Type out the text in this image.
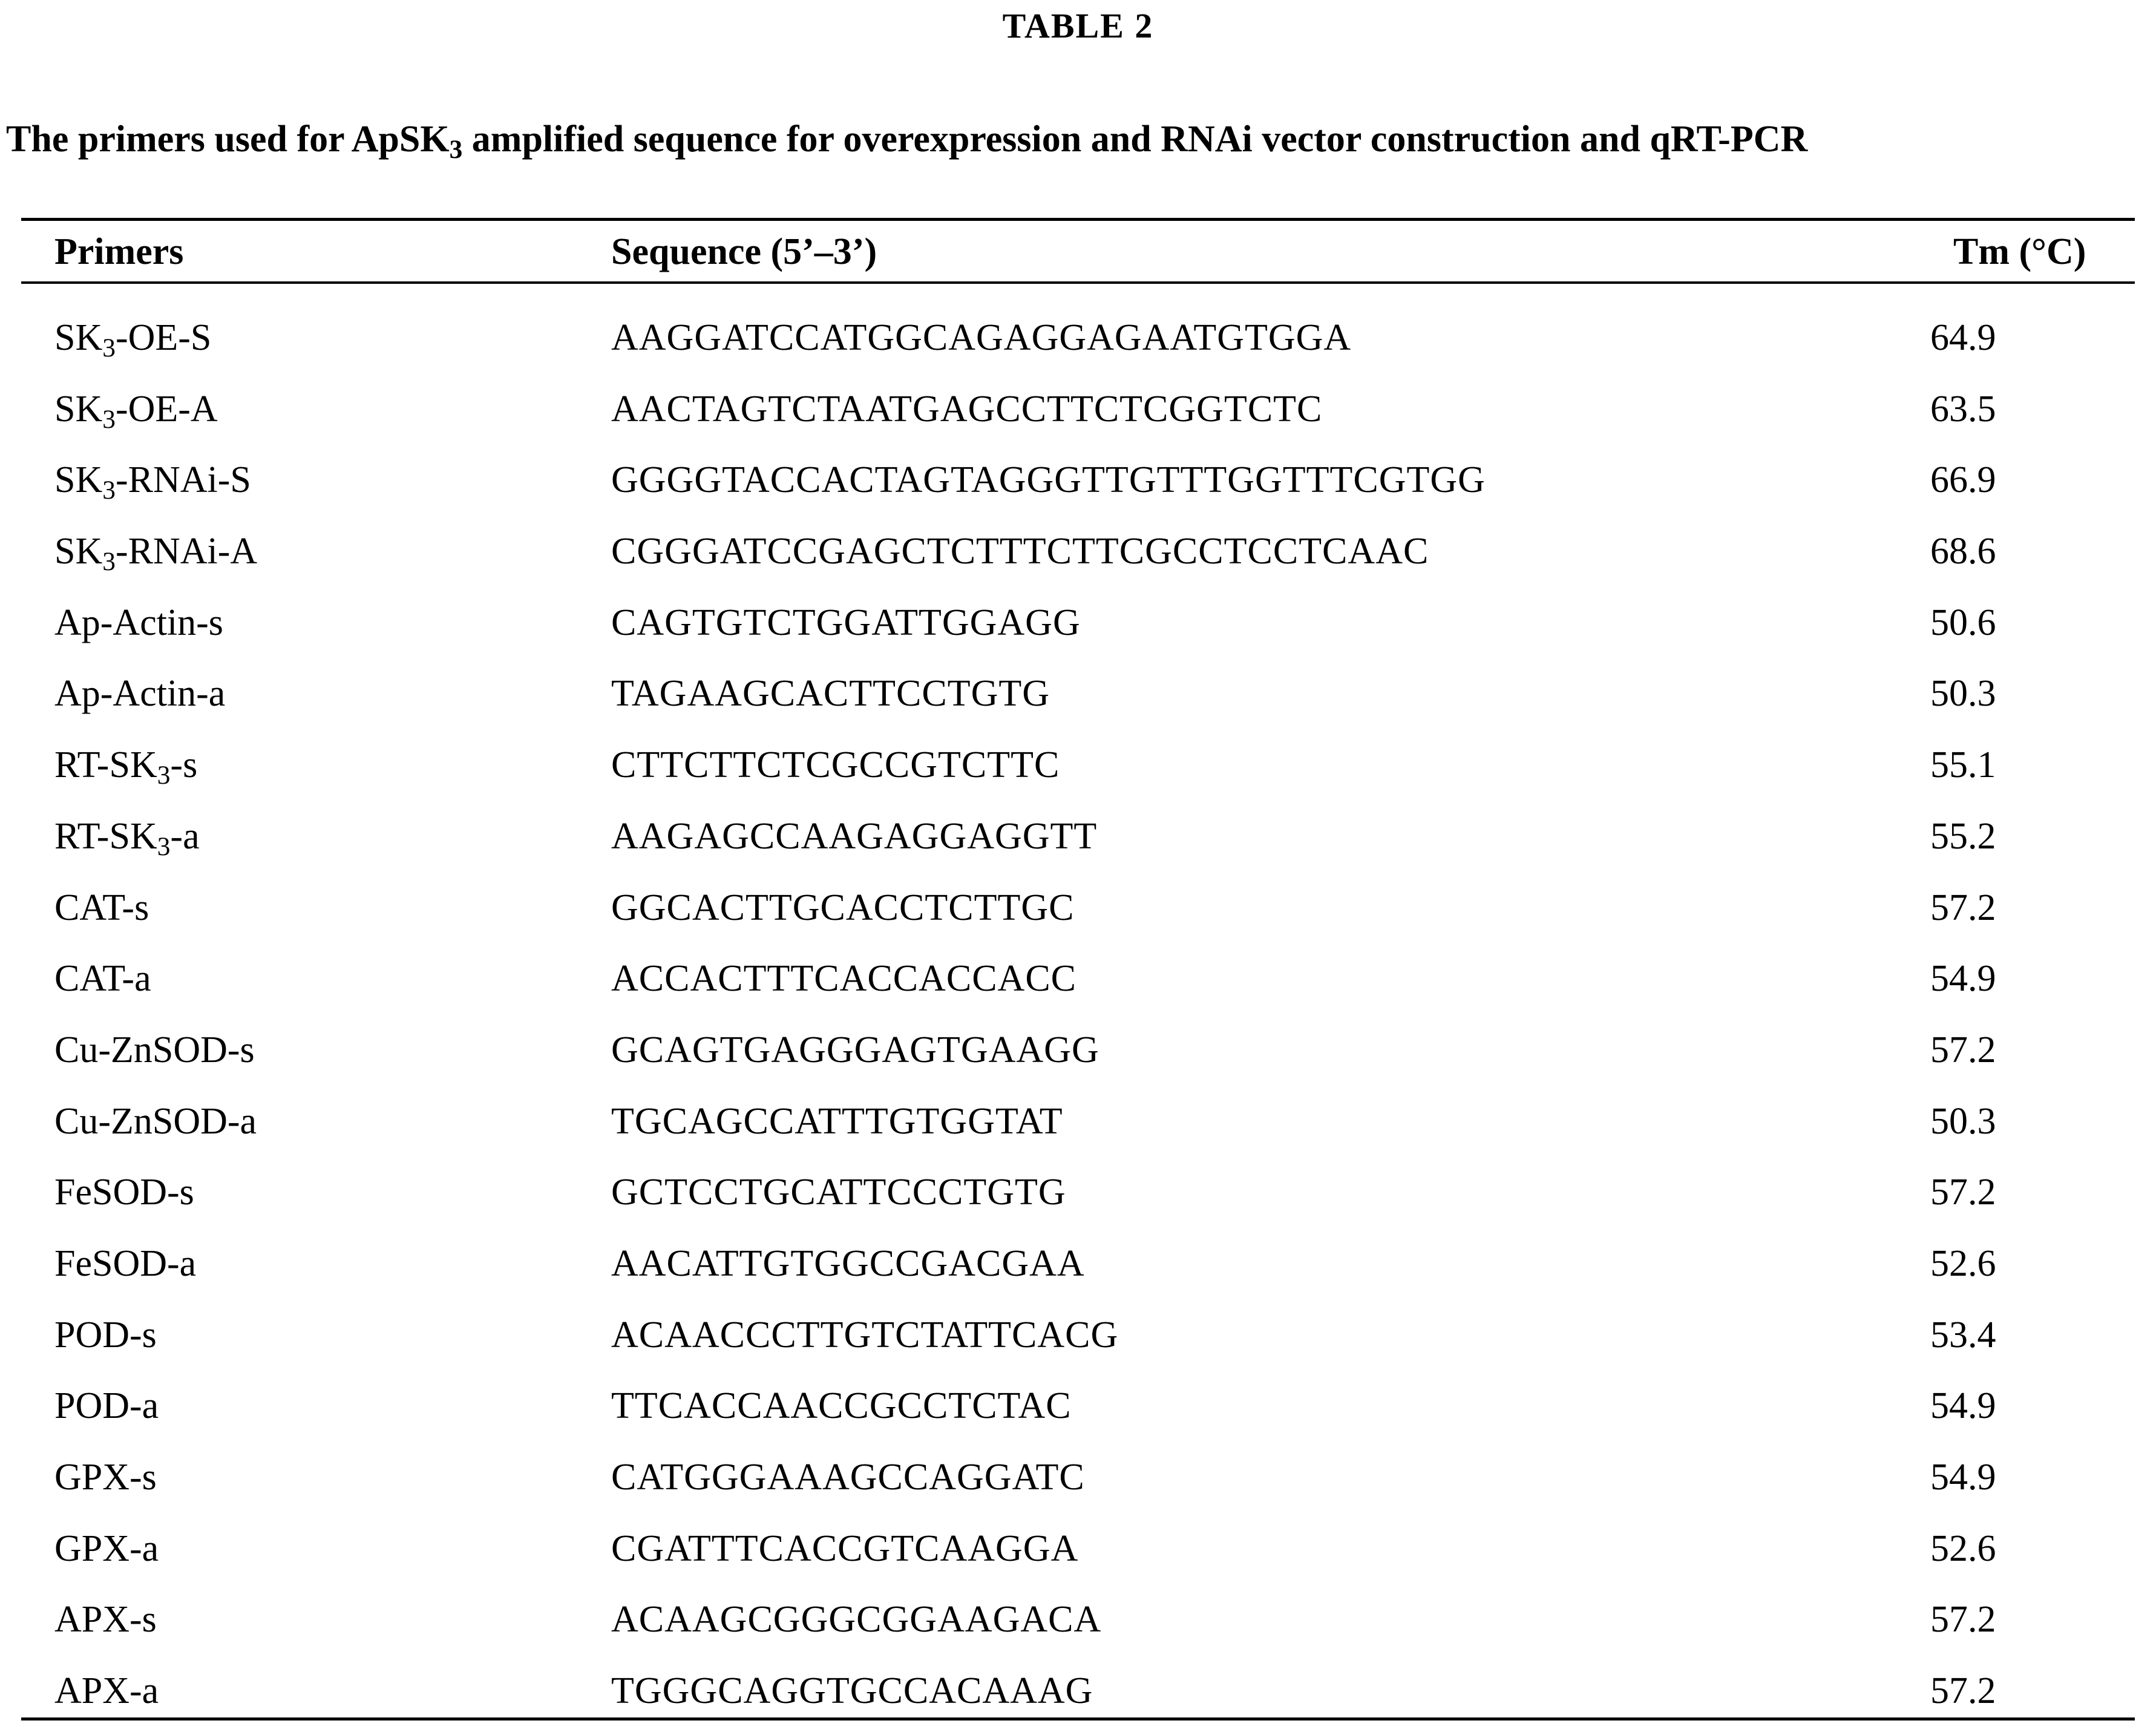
TABLE 2
The primers used for ApSK$_3$ amplified sequence for overexpression and RNAi vector construction and qRT-PCR
Primers	Sequence (5’–3’)	Tm (°C)
$SK_3-OE-S$	AAGGATCCATGGCAGAGGAGAATGTGGA	64.9
$SK_3-OE-A$	AACTAGTCTAATGAGCCTTCTCGGTCTC	63.5
$SK_3-RNAi-S$	GGGGTACCACTAGTAGGGTTGTTTGGTTTCGTGG	66.9
$SK_3-RNAi-A$	CGGGATCCGAGCTCTTTCTTCGCCTCCTCAAC	68.6
Ap-Actin-s	CAGTGTCTGGATTGGAGG	50.6
Ap-Actin-a	TAGAAGCACTTCCTGTG	50.3
$RT-SK_3-s$	CTTCTTCTCGCCGTCTTC	55.1
$RT-SK_3-a$	AAGAGCCAAGAGGAGGTT	55.2
CAT-s	GGCACTTGCACCTCTTGC	57.2
CAT-a	ACCACTTTCACCACCACC	54.9
Cu-ZnSOD-s	GCAGTGAGGGAGTGAAGG	57.2
Cu-ZnSOD-a	TGCAGCCATTTGTGGTAT	50.3
FeSOD-s	GCTCCTGCATTCCCTGTG	57.2
FeSOD-a	AACATTGTGGCCGACGAA	52.6
POD-s	ACAACCCTTGTCTATTCACG	53.4
POD-a	TTCACCAACCGCCTCTAC	54.9
GPX-s	CATGGGAAAGCCAGGATC	54.9
GPX-a	CGATTTCACCGTCAAGGA	52.6
APX-s	ACAAGCGGGCGGAAGACA	57.2
APX-a	TGGGCAGGTGCCACAAAG	57.2
